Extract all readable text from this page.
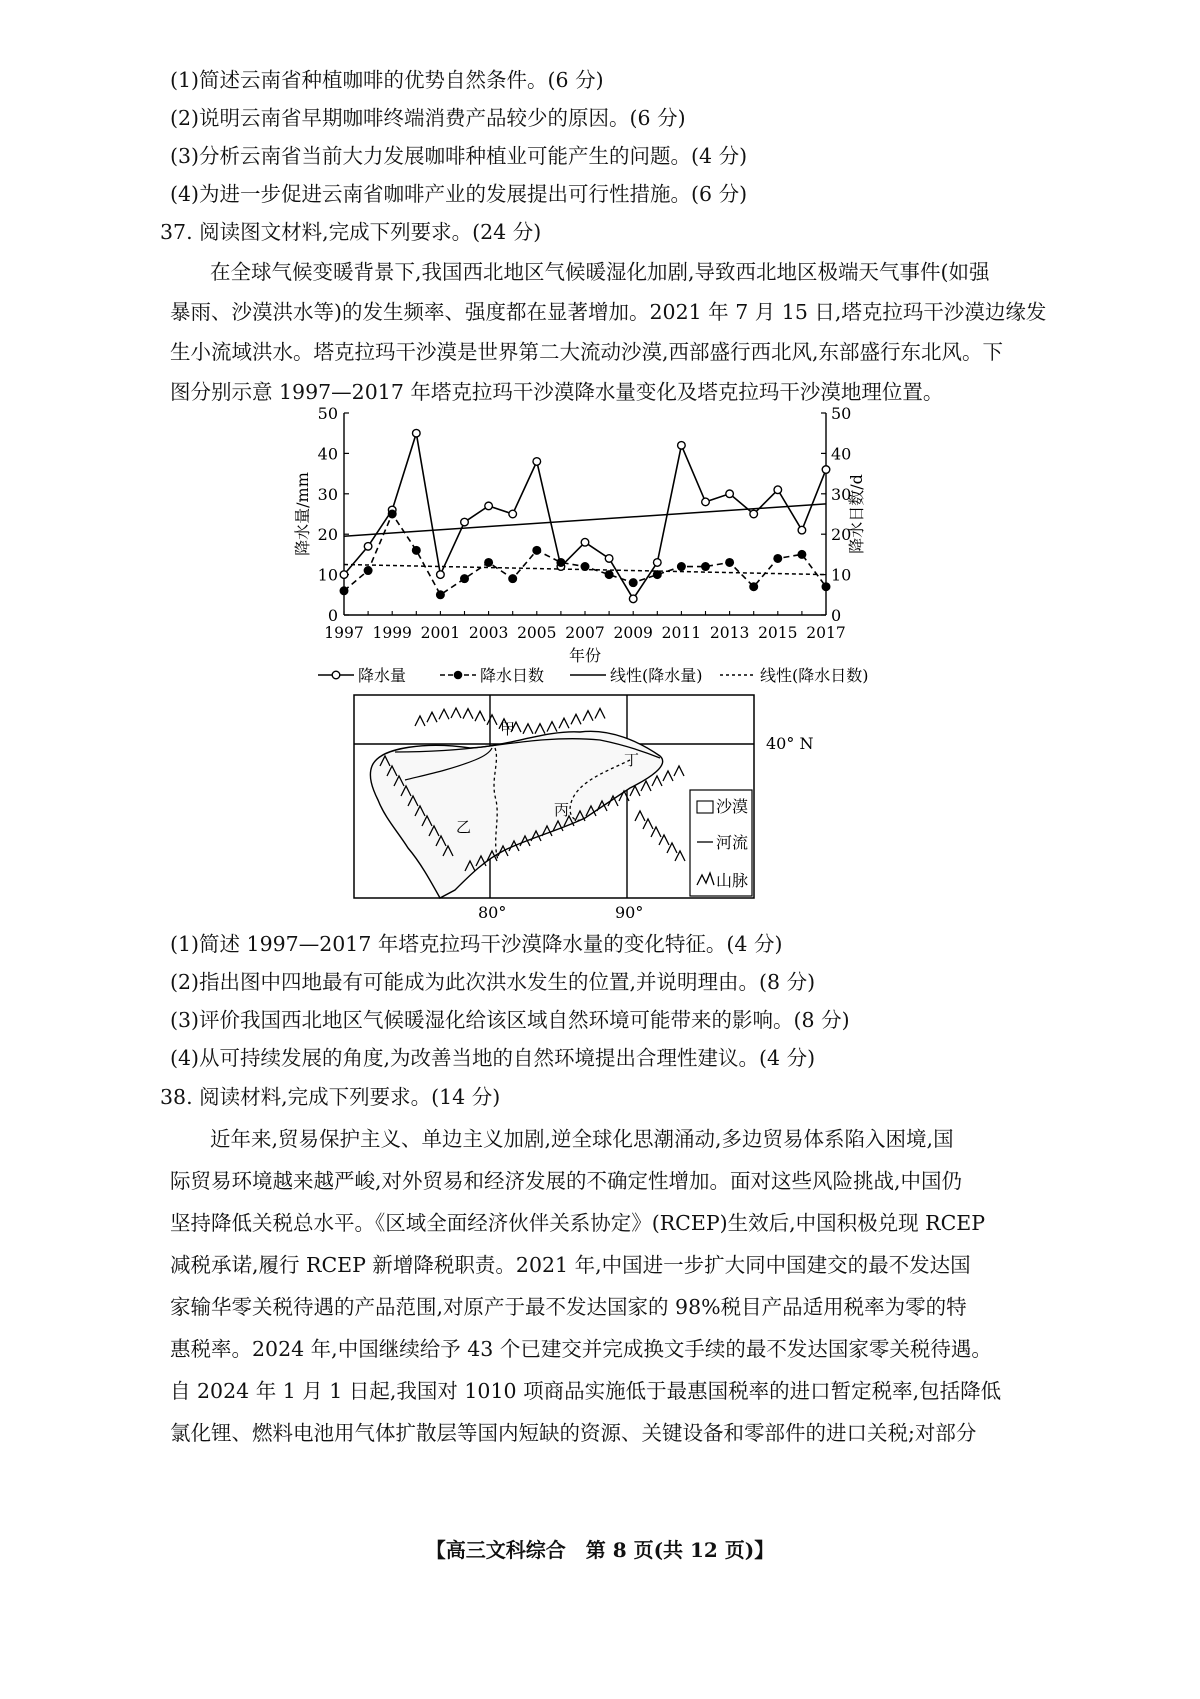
(1)简述云南省种植咖啡的优势自然条件。(6 分)
(2)说明云南省早期咖啡终端消费产品较少的原因。(6 分)
(3)分析云南省当前大力发展咖啡种植业可能产生的问题。(4 分)
(4)为进一步促进云南省咖啡产业的发展提出可行性措施。(6 分)
37. 阅读图文材料,完成下列要求。(24 分)
在全球气候变暖背景下,我国西北地区气候暖湿化加剧,导致西北地区极端天气事件(如强
暴雨、沙漠洪水等)的发生频率、强度都在显著增加。2021 年 7 月 15 日,塔克拉玛干沙漠边缘发
生小流域洪水。塔克拉玛干沙漠是世界第二大流动沙漠,西部盛行西北风,东部盛行东北风。下
图分别示意 1997—2017 年塔克拉玛干沙漠降水量变化及塔克拉玛干沙漠地理位置。
0	0
10	10
20	20
30	30
40	40
50	50
1997 1999 2001 2003 2005 2007 2009 2011 2013 2015 2017
年份
降水量/mm	降水日数/d
降水量	降水日数	线性(降水量)	线性(降水日数)
甲
乙
丙
丁
40° N
80°	90°
沙漠
河流
山脉
(1)简述 1997—2017 年塔克拉玛干沙漠降水量的变化特征。(4 分)
(2)指出图中四地最有可能成为此次洪水发生的位置,并说明理由。(8 分)
(3)评价我国西北地区气候暖湿化给该区域自然环境可能带来的影响。(8 分)
(4)从可持续发展的角度,为改善当地的自然环境提出合理性建议。(4 分)
38. 阅读材料,完成下列要求。(14 分)
近年来,贸易保护主义、单边主义加剧,逆全球化思潮涌动,多边贸易体系陷入困境,国
际贸易环境越来越严峻,对外贸易和经济发展的不确定性增加。面对这些风险挑战,中国仍
坚持降低关税总水平。《区域全面经济伙伴关系协定》(RCEP)生效后,中国积极兑现 RCEP
减税承诺,履行 RCEP 新增降税职责。2021 年,中国进一步扩大同中国建交的最不发达国
家输华零关税待遇的产品范围,对原产于最不发达国家的 98%税目产品适用税率为零的特
惠税率。2024 年,中国继续给予 43 个已建交并完成换文手续的最不发达国家零关税待遇。
自 2024 年 1 月 1 日起,我国对 1010 项商品实施低于最惠国税率的进口暂定税率,包括降低
氯化锂、燃料电池用气体扩散层等国内短缺的资源、关键设备和零部件的进口关税;对部分
【高三文科综合　第 8 页(共 12 页)】
